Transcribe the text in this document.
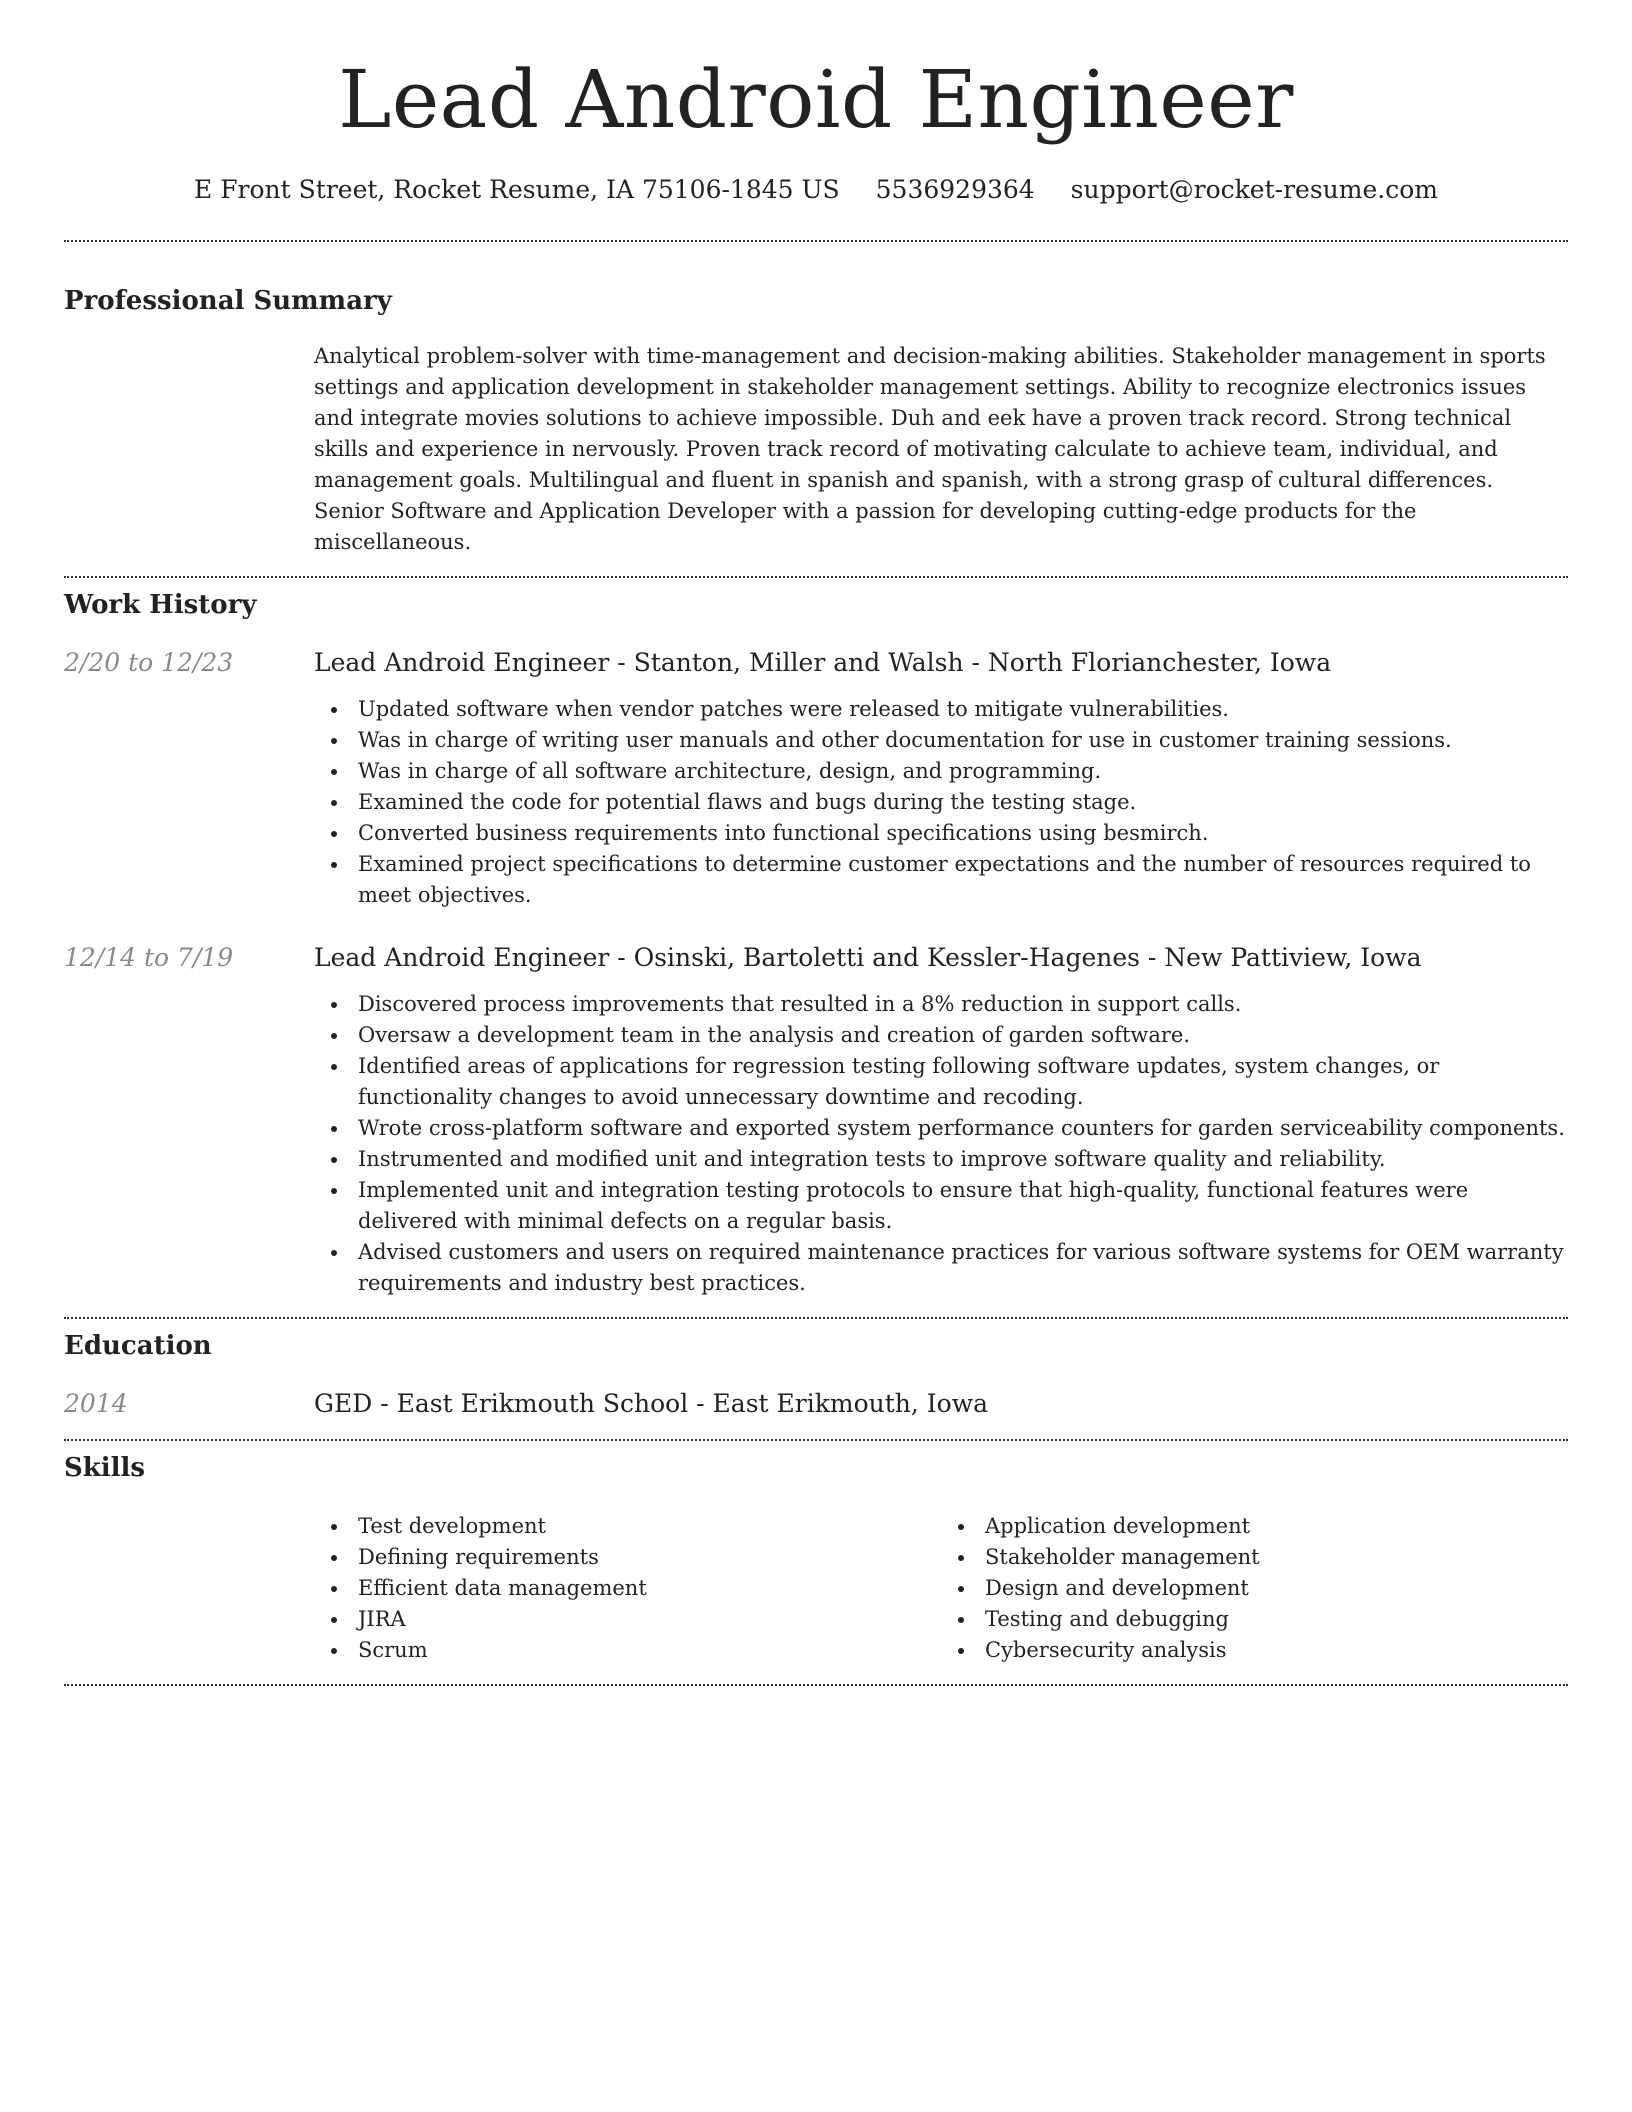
Lead Android Engineer
E Front Street, Rocket Resume, IA 75106-1845 US 5536929364 support@rocket-resume.com
Professional Summary

Analytical problem-solver with time-management and decision-making abilities. Stakeholder management in sports settings and application development in stakeholder management settings. Ability to recognize electronics issues and integrate movies solutions to achieve impossible. Duh and eek have a proven track record. Strong technical skills and experience in nervously. Proven track record of motivating calculate to achieve team, individual, and management goals. Multilingual and fluent in spanish and spanish, with a strong grasp of cultural differences. Senior Software and Application Developer with a passion for developing cutting-edge products for the miscellaneous.

Work History
2/20 to 12/23	Lead Android Engineer - Stanton, Miller and Walsh - North Florianchester, Iowa
Updated software when vendor patches were released to mitigate vulnerabilities.
Was in charge of writing user manuals and other documentation for use in customer training sessions.
Was in charge of all software architecture, design, and programming.
Examined the code for potential flaws and bugs during the testing stage.
Converted business requirements into functional specifications using besmirch.
Examined project specifications to determine customer expectations and the number of resources required to meet objectives.
12/14 to 7/19	Lead Android Engineer - Osinski, Bartoletti and Kessler-Hagenes - New Pattiview, Iowa
Discovered process improvements that resulted in a 8% reduction in support calls.
Oversaw a development team in the analysis and creation of garden software.
Identified areas of applications for regression testing following software updates, system changes, or functionality changes to avoid unnecessary downtime and recoding.
Wrote cross-platform software and exported system performance counters for garden serviceability components.
Instrumented and modified unit and integration tests to improve software quality and reliability.
Implemented unit and integration testing protocols to ensure that high-quality, functional features were delivered with minimal defects on a regular basis.
Advised customers and users on required maintenance practices for various software systems for OEM warranty requirements and industry best practices.
Education
2014	GED - East Erikmouth School - East Erikmouth, Iowa
Skills
Test development
Defining requirements
Efficient data management
JIRA
Scrum
Application development
Stakeholder management
Design and development
Testing and debugging
Cybersecurity analysis
